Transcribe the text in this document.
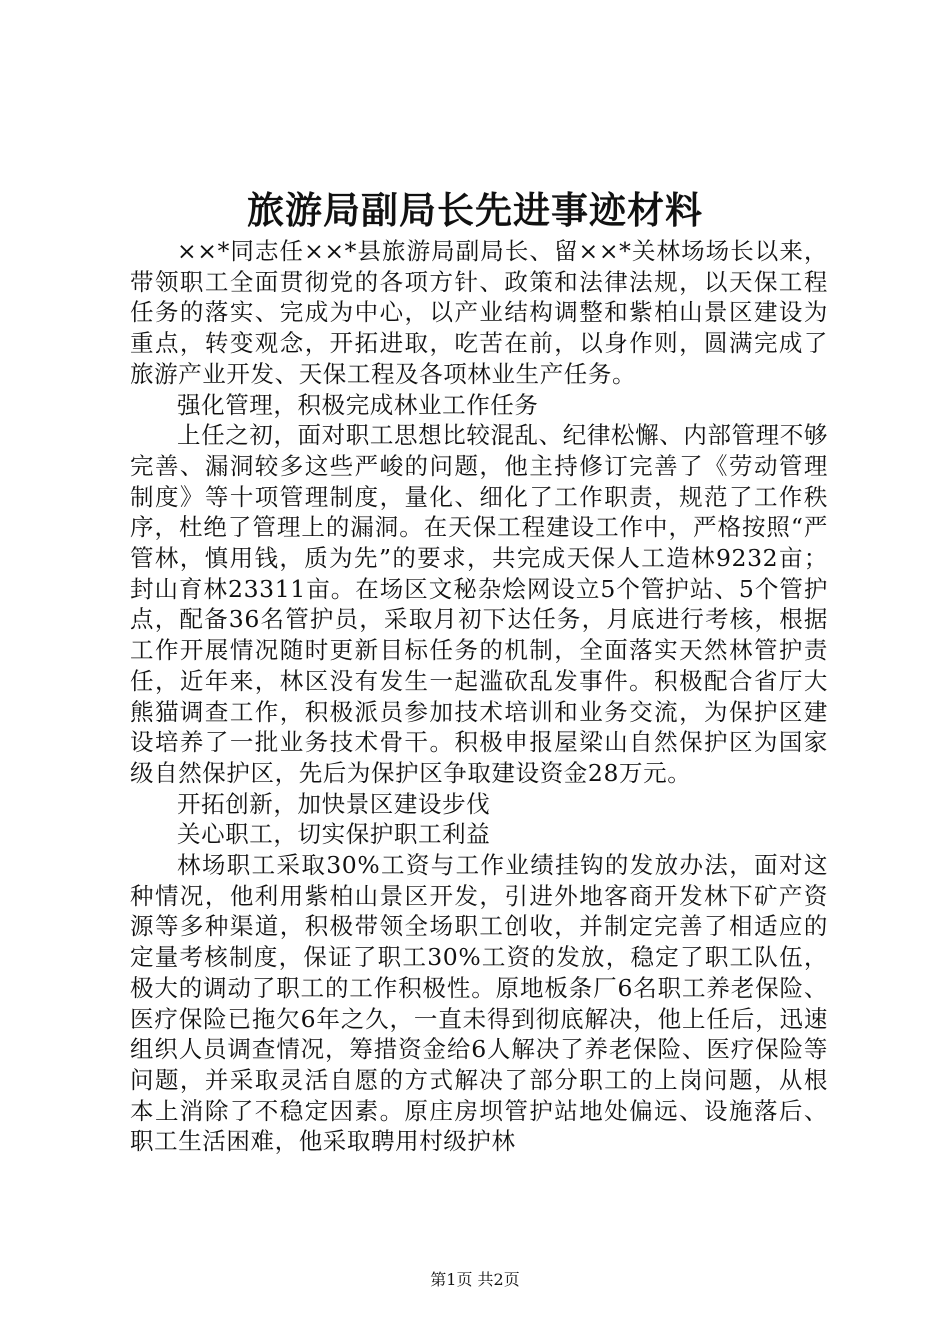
旅游局副局长先进事迹材料

××*同志任××*县旅游局副局长、留××*关林场场长以来，带领职工全面贯彻党的各项方针、政策和法律法规，以天保工程任务的落实、完成为中心，以产业结构调整和紫柏山景区建设为重点，转变观念，开拓进取，吃苦在前，以身作则，圆满完成了旅游产业开发、天保工程及各项林业生产任务。

强化管理，积极完成林业工作任务

上任之初，面对职工思想比较混乱、纪律松懈、内部管理不够完善、漏洞较多这些严峻的问题，他主持修订完善了《劳动管理制度》等十项管理制度，量化、细化了工作职责，规范了工作秩序，杜绝了管理上的漏洞。在天保工程建设工作中，严格按照“严管林，慎用钱，质为先”的要求，共完成天保人工造林9232亩；封山育林23311亩。在场区文秘杂烩网设立5个管护站、5个管护点，配备36名管护员，采取月初下达任务，月底进行考核，根据工作开展情况随时更新目标任务的机制，全面落实天然林管护责任，近年来，林区没有发生一起滥砍乱发事件。积极配合省厅大熊猫调查工作，积极派员参加技术培训和业务交流，为保护区建设培养了一批业务技术骨干。积极申报屋梁山自然保护区为国家级自然保护区，先后为保护区争取建设资金28万元。

开拓创新，加快景区建设步伐

关心职工，切实保护职工利益

林场职工采取30%工资与工作业绩挂钩的发放办法，面对这种情况，他利用紫柏山景区开发，引进外地客商开发林下矿产资源等多种渠道，积极带领全场职工创收，并制定完善了相适应的定量考核制度，保证了职工30%工资的发放，稳定了职工队伍，极大的调动了职工的工作积极性。原地板条厂6名职工养老保险、医疗保险已拖欠6年之久，一直未得到彻底解决，他上任后，迅速组织人员调查情况，筹措资金给6人解决了养老保险、医疗保险等问题，并采取灵活自愿的方式解决了部分职工的上岗问题，从根本上消除了不稳定因素。原庄房坝管护站地处偏远、设施落后、职工生活困难，他采取聘用村级护林

第1页 共2页
